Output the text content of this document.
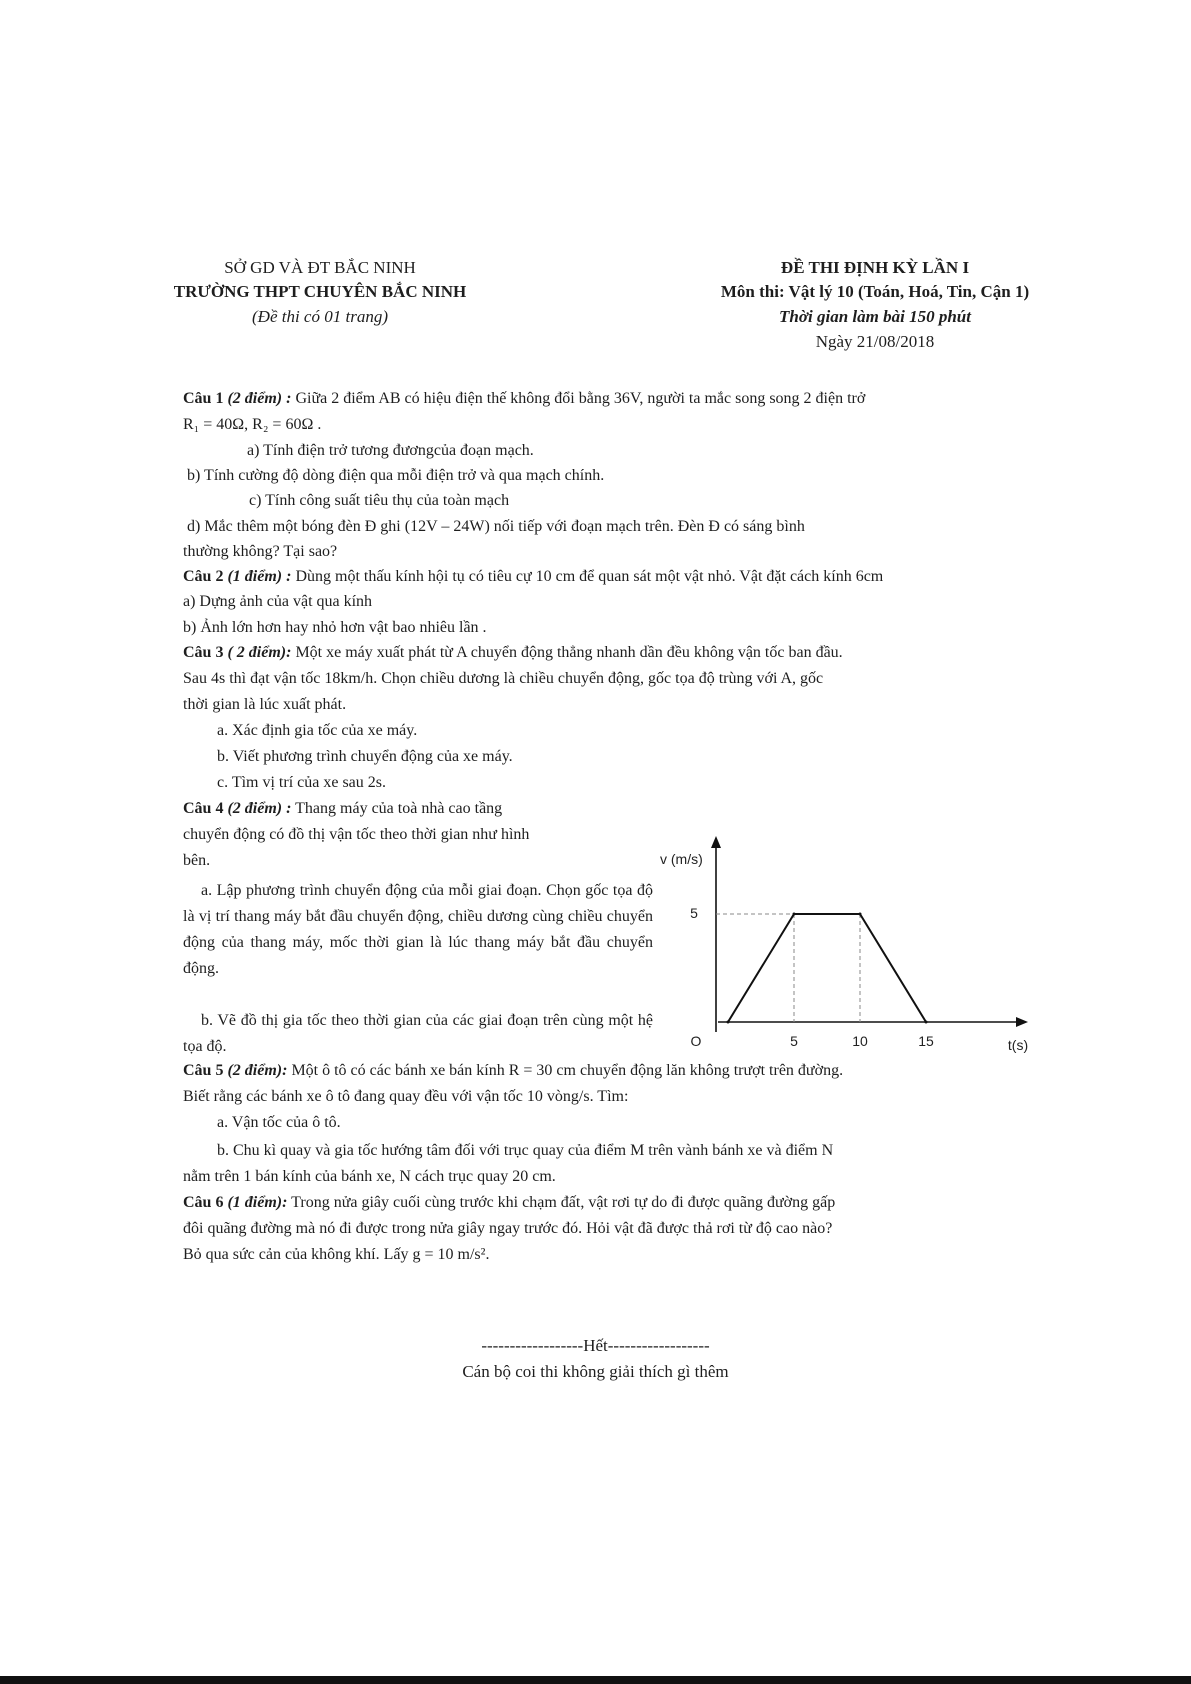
SỞ GD VÀ ĐT BẮC NINH
TRƯỜNG THPT CHUYÊN BẮC NINH
(Đề thi có 01 trang)
ĐỀ THI ĐỊNH KỲ LẦN I
Môn thi: Vật lý 10 (Toán, Hoá, Tin, Cận 1)
Thời gian làm bài 150 phút
Ngày 21/08/2018
Câu 1 (2 điểm) : Giữa 2 điểm AB có hiệu điện thế không đổi bằng 36V, người ta mắc song song 2 điện trở
R₁ = 40Ω, R₂ = 60Ω .
a) Tính điện trở tương đươngcủa đoạn mạch.
b) Tính cường độ dòng điện qua mỗi điện trở và qua mạch chính.
c) Tính công suất tiêu thụ của toàn mạch
d) Mắc thêm một bóng đèn Đ ghi (12V – 24W) nối tiếp với đoạn mạch trên. Đèn Đ có sáng bình
thường không? Tại sao?
Câu 2 (1 điểm) : Dùng một thấu kính hội tụ có tiêu cự 10 cm để quan sát một vật nhỏ. Vật đặt cách kính 6cm
a) Dựng ảnh của vật qua kính
b) Ảnh lớn hơn hay nhỏ hơn vật bao nhiêu lần .
Câu 3 ( 2 điểm): Một xe máy xuất phát từ A chuyển động thẳng nhanh dần đều không vận tốc ban đầu.
Sau 4s thì đạt vận tốc 18km/h. Chọn chiều dương là chiều chuyển động, gốc tọa độ trùng với A, gốc
thời gian là lúc xuất phát.
a. Xác định gia tốc của xe máy.
b. Viết phương trình chuyển động của xe máy.
c. Tìm vị trí của xe sau 2s.
Câu 4 (2 điểm) : Thang máy của toà nhà cao tầng
chuyển động có đồ thị vận tốc theo thời gian như hình
bên.
a. Lập phương trình chuyển động của mỗi giai đoạn. Chọn gốc tọa độ là vị trí thang máy bắt đầu chuyển động, chiều dương cùng chiều chuyển động của thang máy, mốc thời gian là lúc thang máy bắt đầu chuyển động.
b. Vẽ đồ thị gia tốc theo thời gian của các giai đoạn trên cùng một hệ tọa độ.	O	5	10	15
5
t(s)
v (m/s)
Câu 5 (2 điểm): Một ô tô có các bánh xe bán kính R = 30 cm chuyển động lăn không trượt trên đường.
Biết rằng các bánh xe ô tô đang quay đều với vận tốc 10 vòng/s. Tìm:
a. Vận tốc của ô tô.
b. Chu kì quay và gia tốc hướng tâm đối với trục quay của điểm M trên vành bánh xe và điểm N
nằm trên 1 bán kính của bánh xe, N cách trục quay 20 cm.
Câu 6 (1 điểm): Trong nửa giây cuối cùng trước khi chạm đất, vật rơi tự do đi được quãng đường gấp
đôi quãng đường mà nó đi được trong nửa giây ngay trước đó. Hỏi vật đã được thả rơi từ độ cao nào?
Bỏ qua sức cản của không khí. Lấy g = 10 m/s².
------------------Hết------------------
Cán bộ coi thi không giải thích gì thêm
